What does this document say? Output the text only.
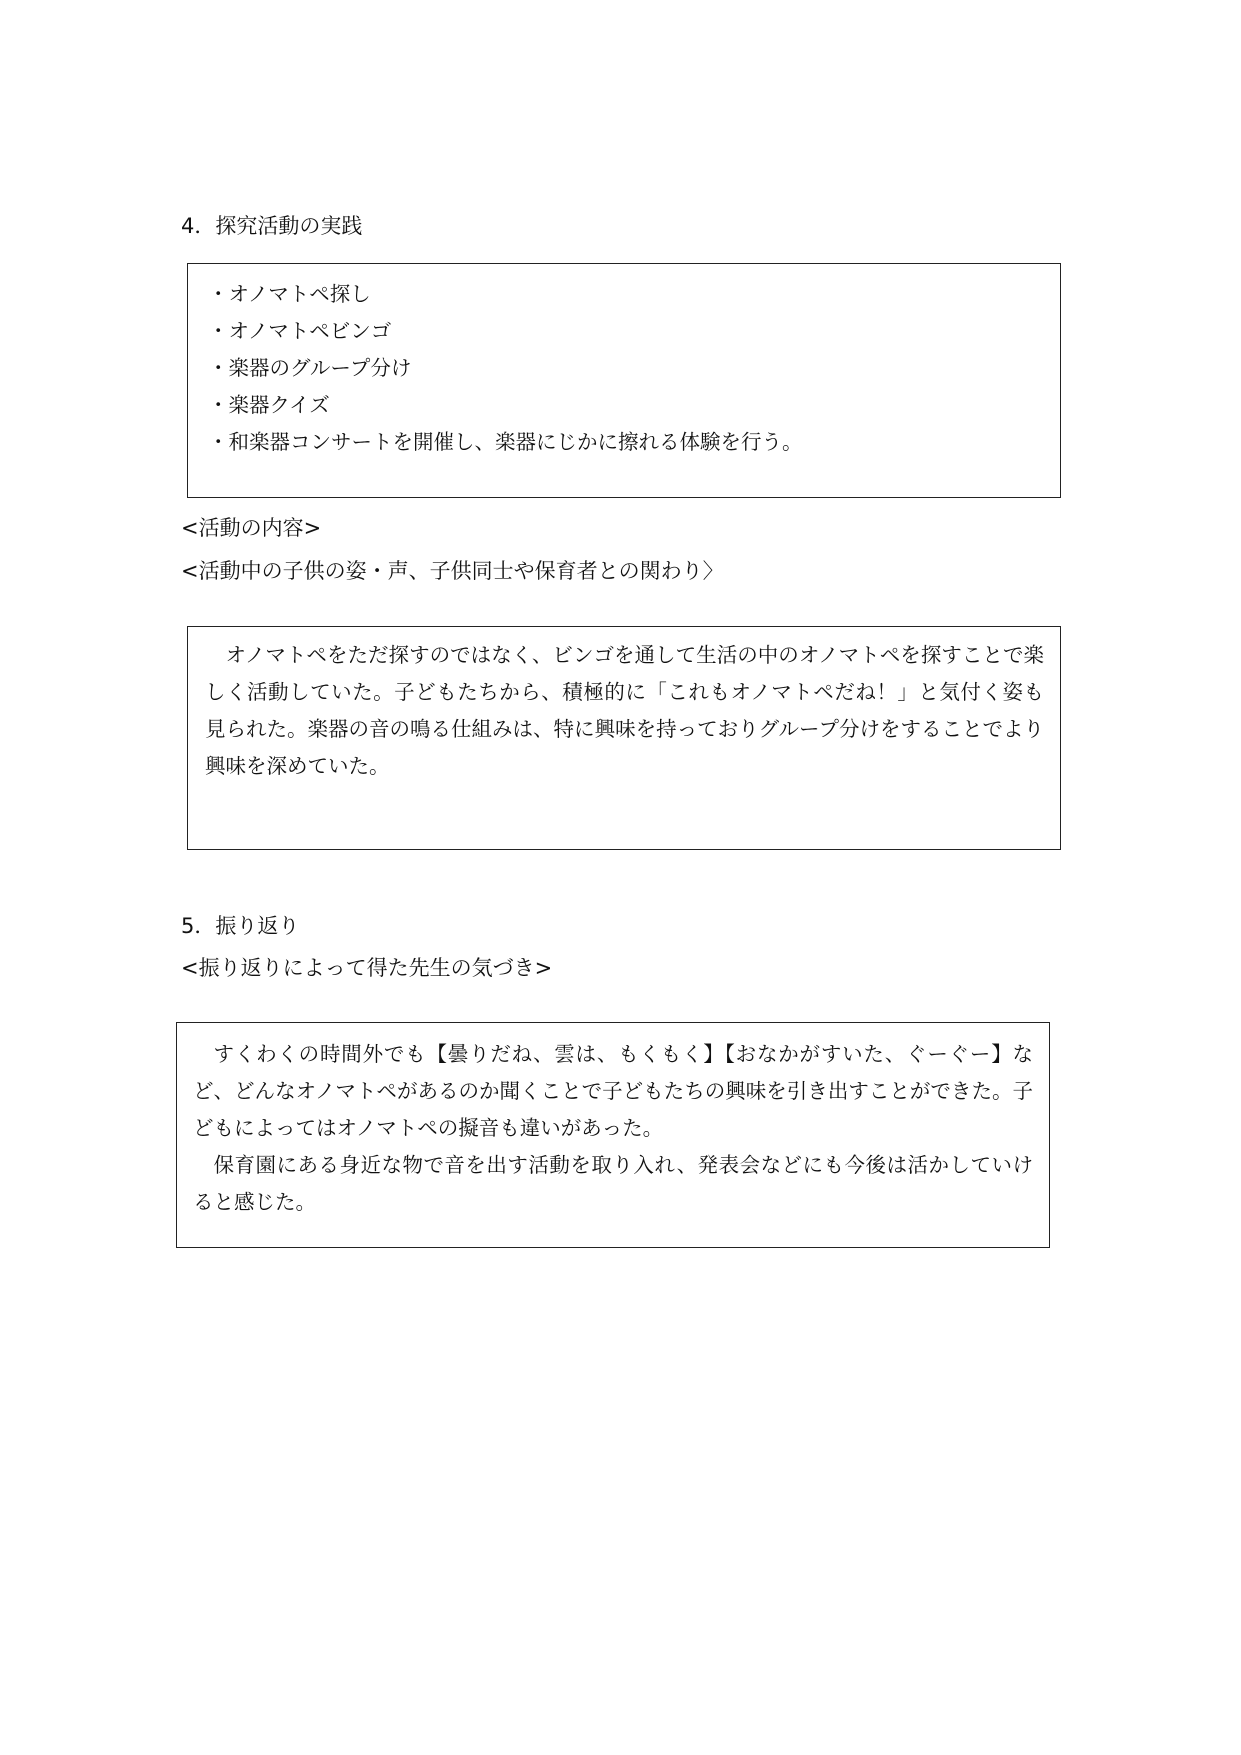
4．探究活動の実践
・オノマトペ探し
・オノマトペビンゴ
・楽器のグループ分け
・楽器クイズ
・和楽器コンサートを開催し、楽器にじかに擦れる体験を行う。
<活動の内容>
<活動中の子供の姿・声、子供同士や保育者との関わり〉

オノマトペをただ探すのではなく、ビンゴを通して生活の中のオノマトペを探すことで楽しく活動していた。子どもたちから、積極的に「これもオノマトペだね！」と気付く姿も見られた。楽器の音の鳴る仕組みは、特に興味を持っておりグループ分けをすることでより興味を深めていた。

5．振り返り
<振り返りによって得た先生の気づき>

すくわくの時間外でも【曇りだね、雲は、もくもく】【おなかがすいた、ぐーぐー】など、どんなオノマトペがあるのか聞くことで子どもたちの興味を引き出すことができた。子どもによってはオノマトペの擬音も違いがあった。

保育園にある身近な物で音を出す活動を取り入れ、発表会などにも今後は活かしていけると感じた。
